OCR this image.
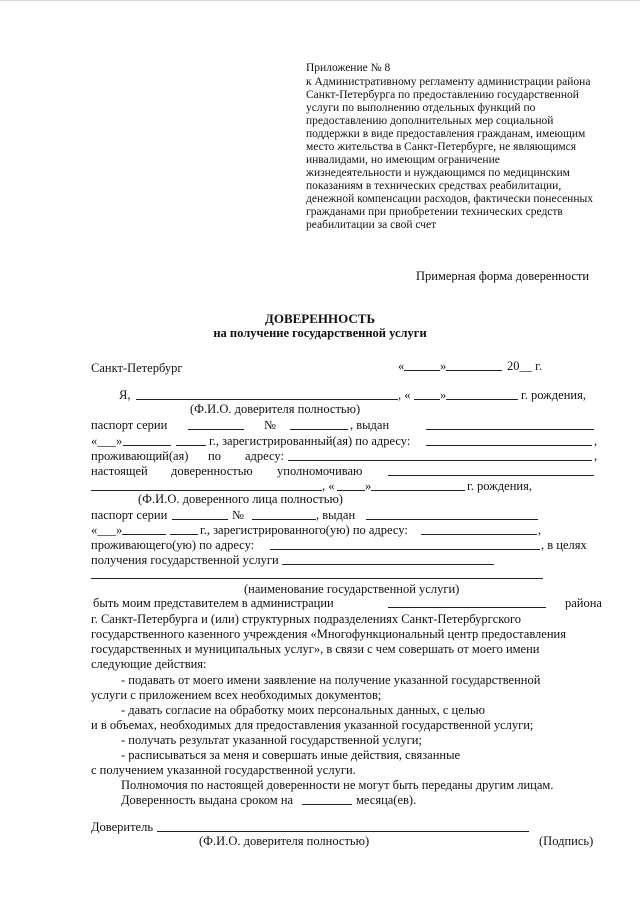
Приложение № 8
к Административному регламенту администрации района
Санкт-Петербурга по предоставлению государственной
услуги по выполнению отдельных функций по
предоставлению дополнительных мер социальной
поддержки в виде предоставления гражданам, имеющим
место жительства в Санкт-Петербурге, не являющимся
инвалидами, но имеющим ограничение
жизнедеятельности и нуждающимся по медицинским
показаниям в технических средствах реабилитации,
денежной компенсации расходов, фактически понесенных
гражданами при приобретении технических средств
реабилитации за свой счет
Примерная форма доверенности
ДОВЕРЕННОСТЬ
на получение государственной услуги
Санкт-Петербург	«	»	20__ г.
Я,	, « »	г. рождения,
(Ф.И.О. доверителя полностью)
паспорт серии	№	, выдан
«___»	г., зарегистрированный(ая) по адресу:	,
проживающий(ая) по адресу:	,
настоящей доверенностью уполномочиваю
, « »	г. рождения,
(Ф.И.О. доверенного лица полностью)
паспорт серии	№	, выдан
«___»	г., зарегистрированного(ую) по адресу:	,
проживающего(ую) по адресу:	, в целях
получения государственной услуги
(наименование государственной услуги)
быть моим представителем в администрации	района
г. Санкт-Петербурга и (или) структурных подразделениях Санкт-Петербургского
государственного казенного учреждения «Многофункциональный центр предоставления
государственных и муниципальных услуг», в связи с чем совершать от моего имени
следующие действия:
- подавать от моего имени заявление на получение указанной государственной
услуги с приложением всех необходимых документов;
- давать согласие на обработку моих персональных данных, с целью
и в объемах, необходимых для предоставления указанной государственной услуги;
- получать результат указанной государственной услуги;
- расписываться за меня и совершать иные действия, связанные
с получением указанной государственной услуги.
Полномочия по настоящей доверенности не могут быть переданы другим лицам.
Доверенность выдана сроком на	месяца(ев).
Доверитель
(Ф.И.О. доверителя полностью)	(Подпись)
